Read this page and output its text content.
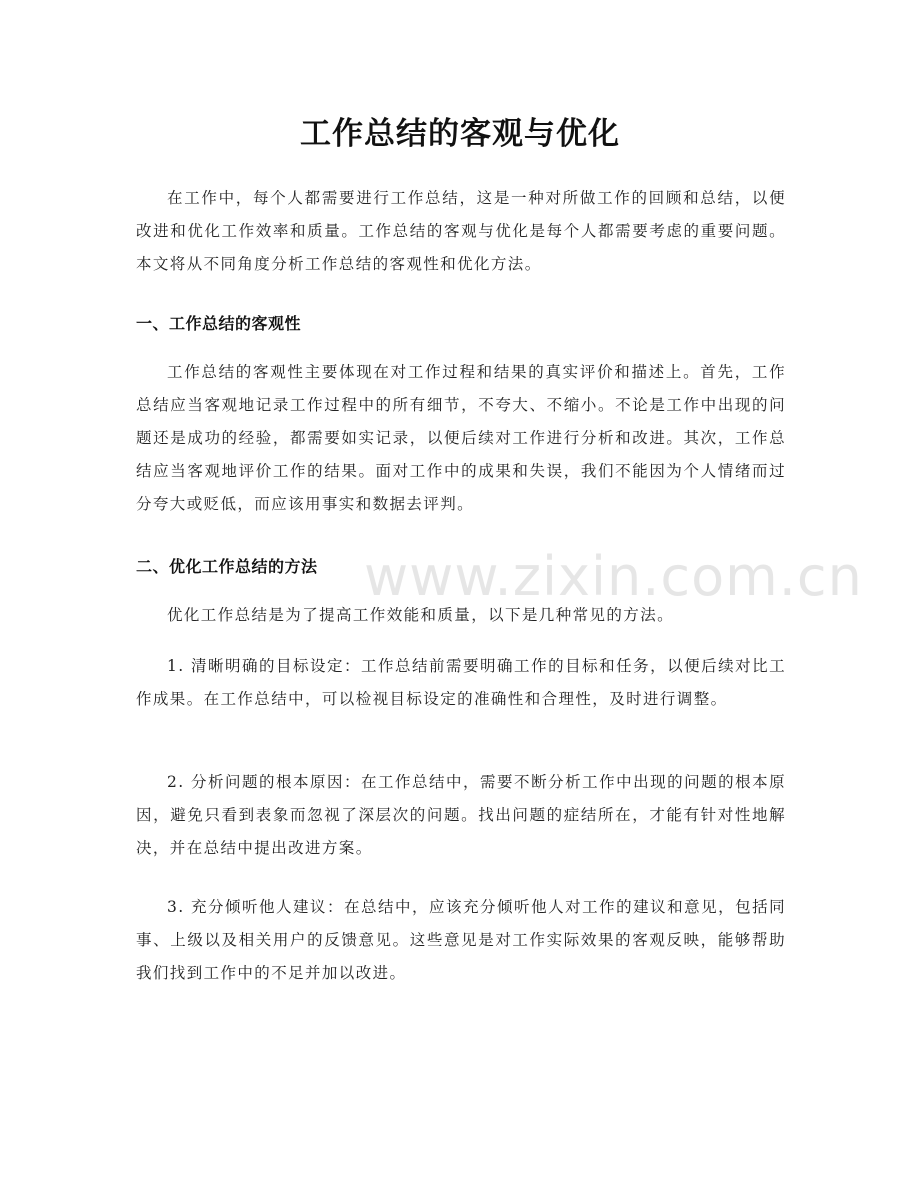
工作总结的客观与优化

在工作中，每个人都需要进行工作总结，这是一种对所做工作的回顾和总结，以便改进和优化工作效率和质量。工作总结的客观与优化是每个人都需要考虑的重要问题。本文将从不同角度分析工作总结的客观性和优化方法。

一、工作总结的客观性

工作总结的客观性主要体现在对工作过程和结果的真实评价和描述上。首先，工作总结应当客观地记录工作过程中的所有细节，不夸大、不缩小。不论是工作中出现的问题还是成功的经验，都需要如实记录，以便后续对工作进行分析和改进。其次，工作总结应当客观地评价工作的结果。面对工作中的成果和失误，我们不能因为个人情绪而过分夸大或贬低，而应该用事实和数据去评判。

二、优化工作总结的方法

优化工作总结是为了提高工作效能和质量，以下是几种常见的方法。

1. 清晰明确的目标设定：工作总结前需要明确工作的目标和任务，以便后续对比工作成果。在工作总结中，可以检视目标设定的准确性和合理性，及时进行调整。

2. 分析问题的根本原因：在工作总结中，需要不断分析工作中出现的问题的根本原因，避免只看到表象而忽视了深层次的问题。找出问题的症结所在，才能有针对性地解决，并在总结中提出改进方案。

3. 充分倾听他人建议：在总结中，应该充分倾听他人对工作的建议和意见，包括同事、上级以及相关用户的反馈意见。这些意见是对工作实际效果的客观反映，能够帮助我们找到工作中的不足并加以改进。

www.zixin.com.cn
